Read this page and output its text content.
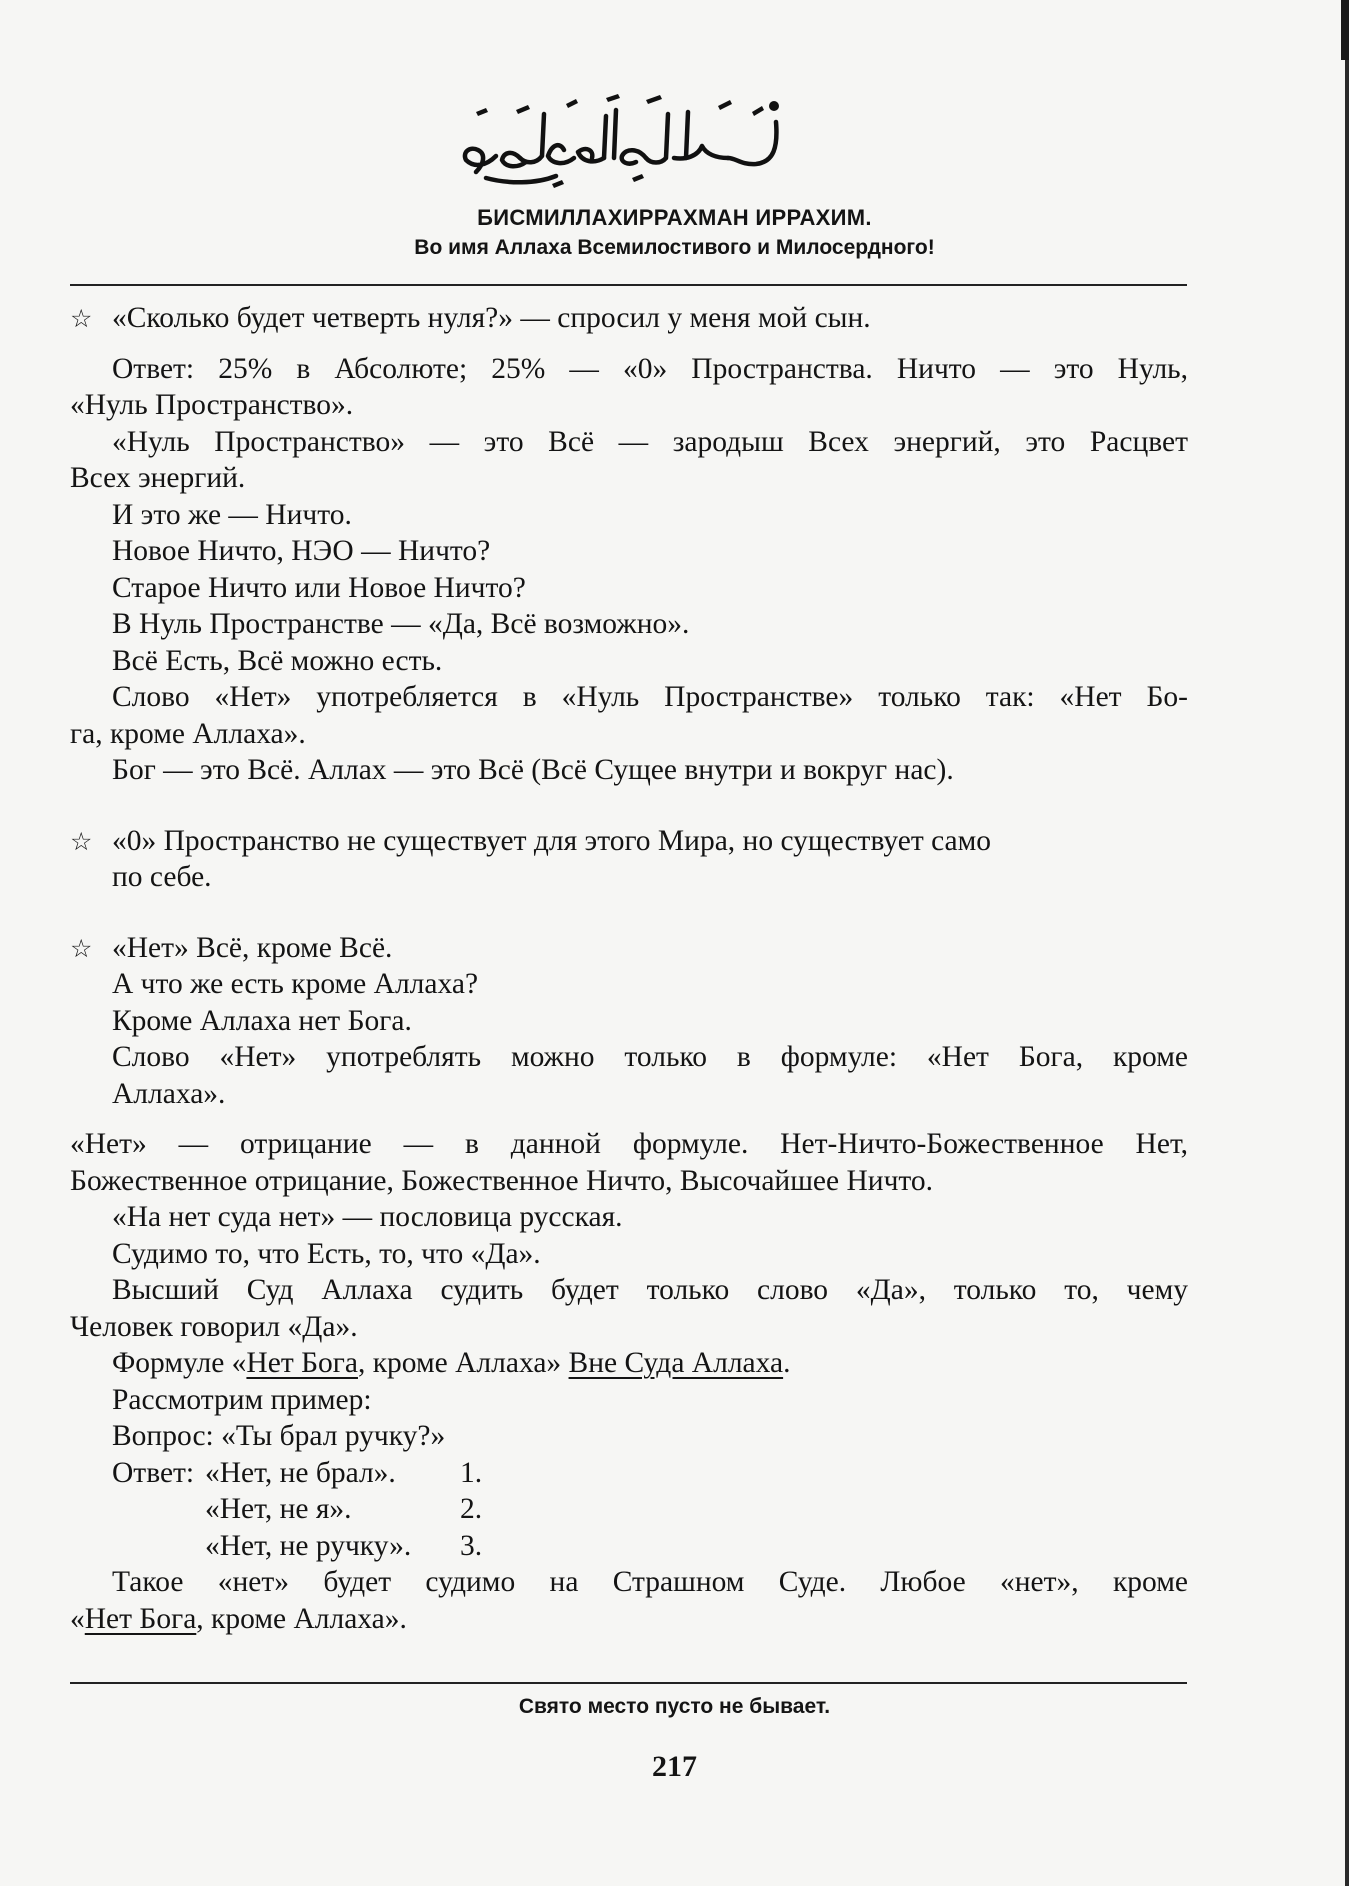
БИСМИЛЛАХИРРАХМАН ИРРАХИМ.
Во имя Аллаха Всемилостивого и Милосердного!
☆ «Сколько будет четверть нуля?» — спросил у меня мой сын.
Ответ: 25% в Абсолюте; 25% — «0» Пространства. Ничто — это Нуль,
«Нуль Пространство».
«Нуль Пространство» — это Всё — зародыш Всех энергий, это Расцвет
Всех энергий.
И это же — Ничто.
Новое Ничто, НЭО — Ничто?
Старое Ничто или Новое Ничто?
В Нуль Пространстве — «Да, Всё возможно».
Всё Есть, Всё можно есть.
Слово «Нет» употребляется в «Нуль Пространстве» только так: «Нет Бо-
га, кроме Аллаха».
Бог — это Всё. Аллах — это Всё (Всё Сущее внутри и вокруг нас).
☆ «0» Пространство не существует для этого Мира, но существует само
по себе.
☆ «Нет» Всё, кроме Всё.
А что же есть кроме Аллаха?
Кроме Аллаха нет Бога.
Слово «Нет» употреблять можно только в формуле: «Нет Бога, кроме
Аллаха».
«Нет» — отрицание — в данной формуле. Нет-Ничто-Божественное Нет,
Божественное отрицание, Божественное Ничто, Высочайшее Ничто.
«На нет суда нет» — пословица русская.
Судимо то, что Есть, то, что «Да».
Высший Суд Аллаха судить будет только слово «Да», только то, чему
Человек говорил «Да».
Формуле «Нет Бога, кроме Аллаха» Вне Суда Аллаха.
Рассмотрим пример:
Вопрос: «Ты брал ручку?»
Ответ: «Нет, не брал». 1.
«Нет, не я».	2.
«Нет, не ручку». 3.
Такое «нет» будет судимо на Страшном Суде. Любое «нет», кроме
«Нет Бога, кроме Аллаха».
Свято место пусто не бывает.
217
